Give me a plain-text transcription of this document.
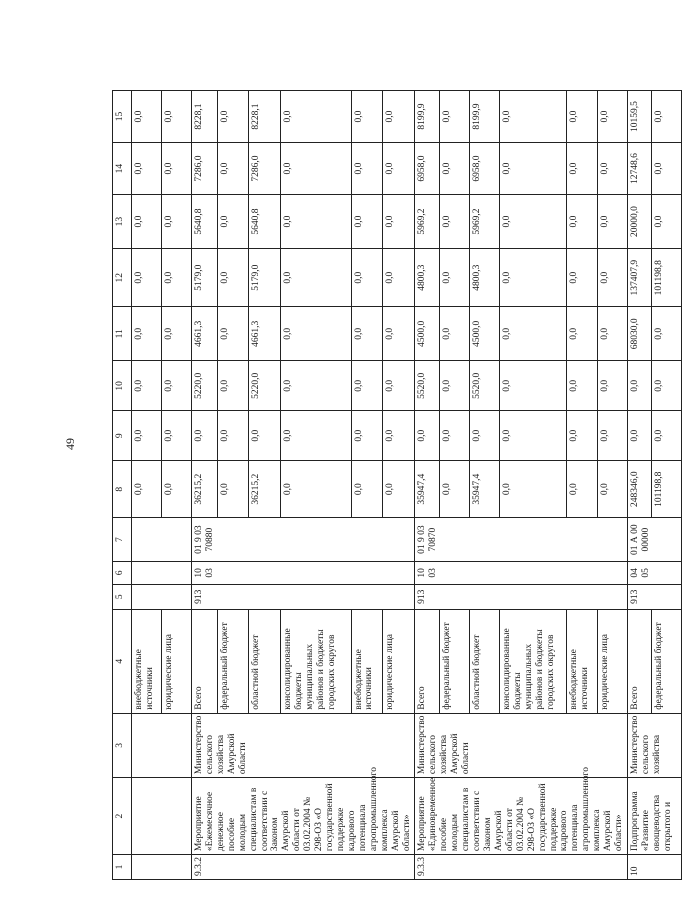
49
1	2	3	4	5	6	7	8	9	10	11	12	13	14	15
			внебюджетные источники				0,0	0,0	0,0	0,0	0,0	0,0	0,0	0,0
			юридические лица				0,0	0,0	0,0	0,0	0,0	0,0	0,0	0,0
9.3.2	Мероприятие «Ежемесячное денежное пособие молодым специалистам в соответствии с Законом Амурской области от 03.02.2004 № 298-ОЗ «О государственной поддержке кадрового потенциала агропромышленного комплекса Амурской области»	Министерство сельского хозяйства Амурской области	Всего	913	10 03	01 9 03 70880	36215,2	0,0	5220,0	4661,3	5179,0	5640,8	7286,0	8228,1
			федеральный бюджет				0,0	0,0	0,0	0,0	0,0	0,0	0,0	0,0
			областной бюджет				36215,2	0,0	5220,0	4661,3	5179,0	5640,8	7286,0	8228,1
			консолидированные бюджеты муниципальных районов и бюджеты городских округов				0,0	0,0	0,0	0,0	0,0	0,0	0,0	0,0
			внебюджетные источники				0,0	0,0	0,0	0,0	0,0	0,0	0,0	0,0
			юридические лица				0,0	0,0	0,0	0,0	0,0	0,0	0,0	0,0
9.3.3	Мероприятие «Единовременное пособие молодым специалистам в соответствии с Законом Амурской области от 03.02.2004 № 298-ОЗ «О государственной поддержке кадрового потенциала агропромышленного комплекса Амурской области»	Министерство сельского хозяйства Амурской области	Всего	913	10 03	01 9 03 70870	35947,4	0,0	5520,0	4500,0	4800,3	5969,2	6958,0	8199,9
			федеральный бюджет				0,0	0,0	0,0	0,0	0,0	0,0	0,0	0,0
			областной бюджет				35947,4	0,0	5520,0	4500,0	4800,3	5969,2	6958,0	8199,9
			консолидированные бюджеты муниципальных районов и бюджеты городских округов				0,0	0,0	0,0	0,0	0,0	0,0	0,0	0,0
			внебюджетные источники				0,0	0,0	0,0	0,0	0,0	0,0	0,0	0,0
			юридические лица				0,0	0,0	0,0	0,0	0,0	0,0	0,0	0,0
10	Подпрограмма «Развитие овощеводства открытого и	Министерство сельского хозяйства	Всего	913	04 05	01 А 00 00000	248346,0	0,0	0,0	68030,0	137407,9	20000,0	12748,6	10159,5
			федеральный бюджет				101198,8	0,0	0,0	0,0	101198,8	0,0	0,0	0,0
